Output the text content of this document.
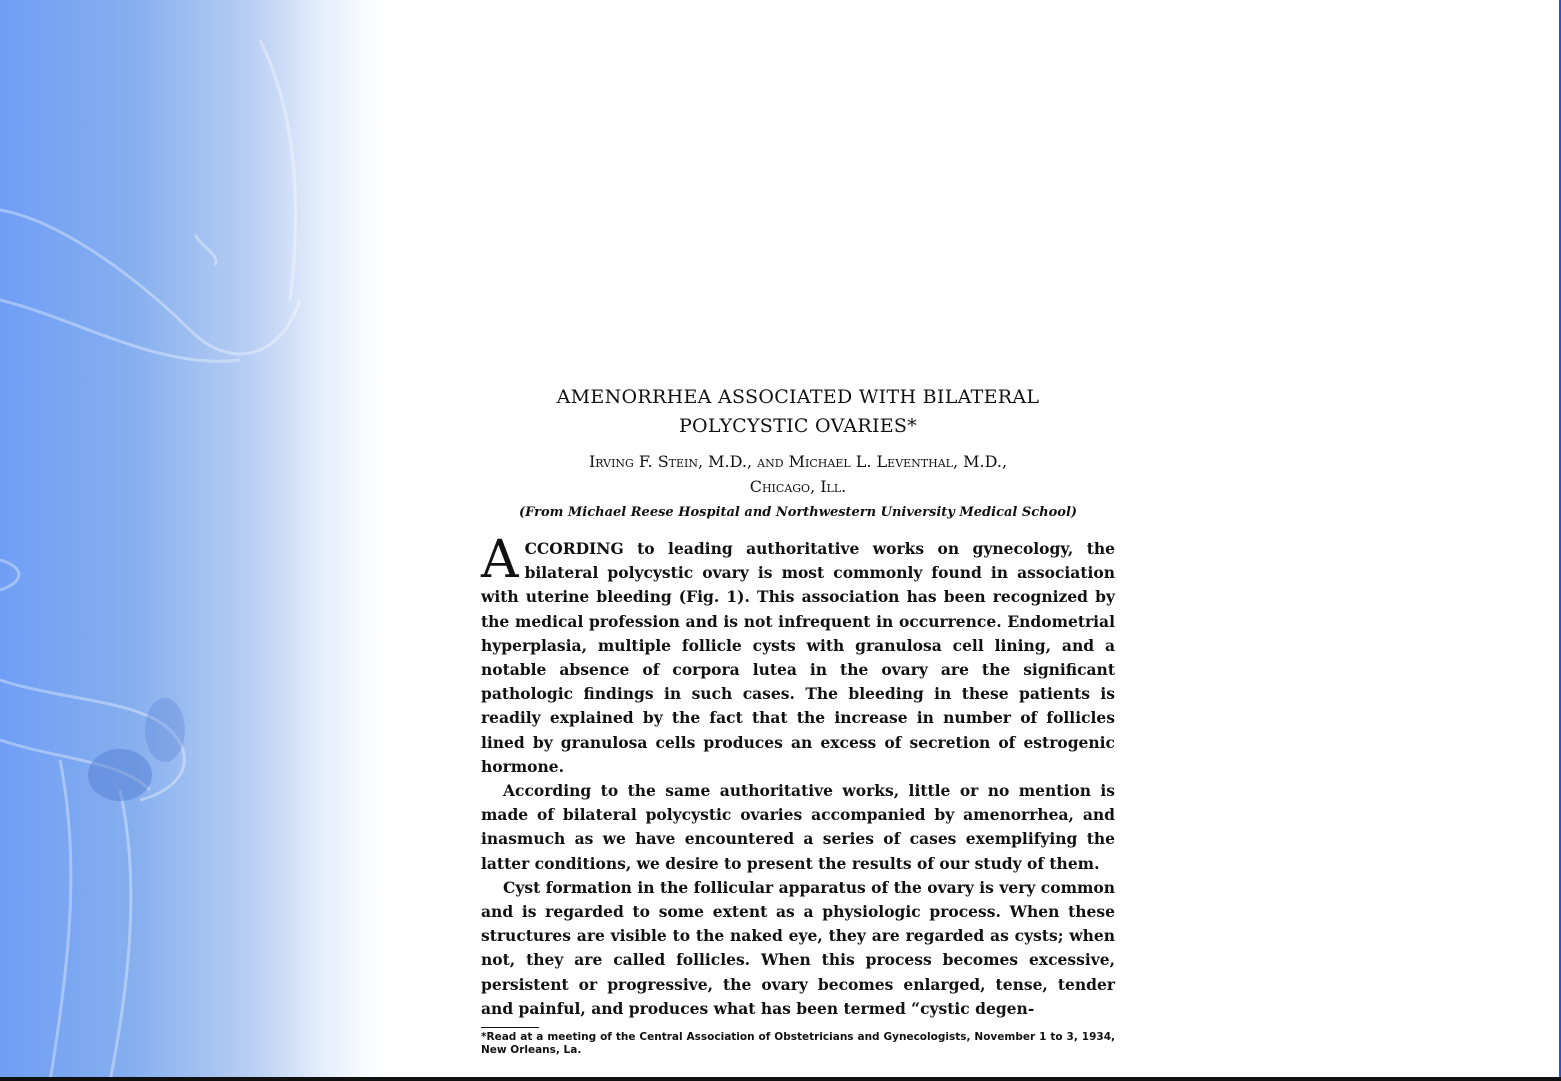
AMENORRHEA ASSOCIATED WITH BILATERAL
POLYCYSTIC OVARIES*
Irving F. Stein, M.D., and Michael L. Leventhal, M.D.,
Chicago, Ill.
(From Michael Reese Hospital and Northwestern University Medical School)

ACCORDING to leading authoritative works on gynecology, the bilateral polycystic ovary is most commonly found in association with uterine bleeding (Fig. 1). This association has been recognized by the medical profession and is not infrequent in occurrence. Endometrial hyperplasia, multiple follicle cysts with granulosa cell lining, and a notable absence of corpora lutea in the ovary are the significant pathologic findings in such cases. The bleeding in these patients is readily explained by the fact that the increase in number of follicles lined by granulosa cells produces an excess of secretion of estrogenic hormone.

According to the same authoritative works, little or no mention is made of bilateral polycystic ovaries accompanied by amenorrhea, and inasmuch as we have encountered a series of cases exemplifying the latter conditions, we desire to present the results of our study of them.

Cyst formation in the follicular apparatus of the ovary is very common and is regarded to some extent as a physiologic process. When these structures are visible to the naked eye, they are regarded as cysts; when not, they are called follicles. When this process becomes excessive, persistent or progressive, the ovary becomes enlarged, tense, tender and painful, and produces what has been termed “cystic degen-

*Read at a meeting of the Central Association of Obstetricians and Gynecologists, November 1 to 3, 1934, New Orleans, La.
